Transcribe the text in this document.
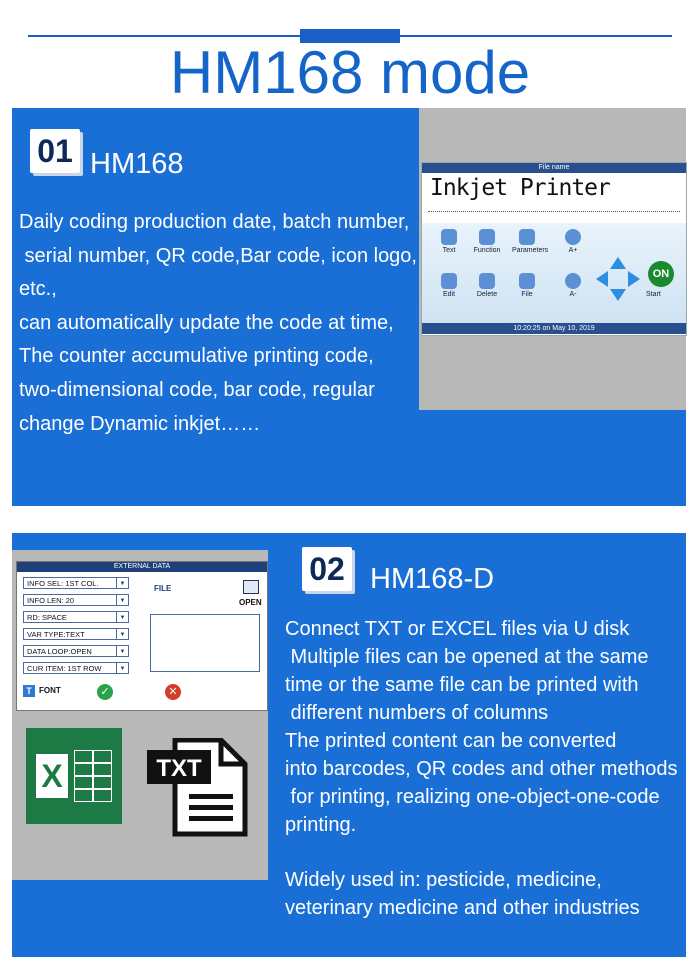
HM168 mode
01 HM168
Daily coding production date, batch number,
serial number, QR code,Bar code, icon logo,
etc.,
can automatically update the code at time,
The counter accumulative printing code,
two-dimensional code, bar code, regular
change Dynamic inkjet……
File name
Inkjet Printer
Text	Function Parameters	A+
Edit	Delete	File	A-
ON
Start
10:20:25 on May 10, 2019
EXTERNAL DATA
INFO SEL: 1ST COL.	▼
INFO LEN: 20	▼
RD: SPACE	▼
VAR TYPE:TEXT	▼
DATA LOOP:OPEN	▼
CUR ITEM: 1ST ROW	▼
FILE
OPEN
T FONT	✓	✕
X	TXT
02 HM168-D
Connect TXT or EXCEL files via U disk
Multiple files can be opened at the same
time or the same file can be printed with
different numbers of columns
The printed content can be converted
into barcodes, QR codes and other methods
for printing, realizing one-object-one-code
printing.
Widely used in: pesticide, medicine,
veterinary medicine and other industries
